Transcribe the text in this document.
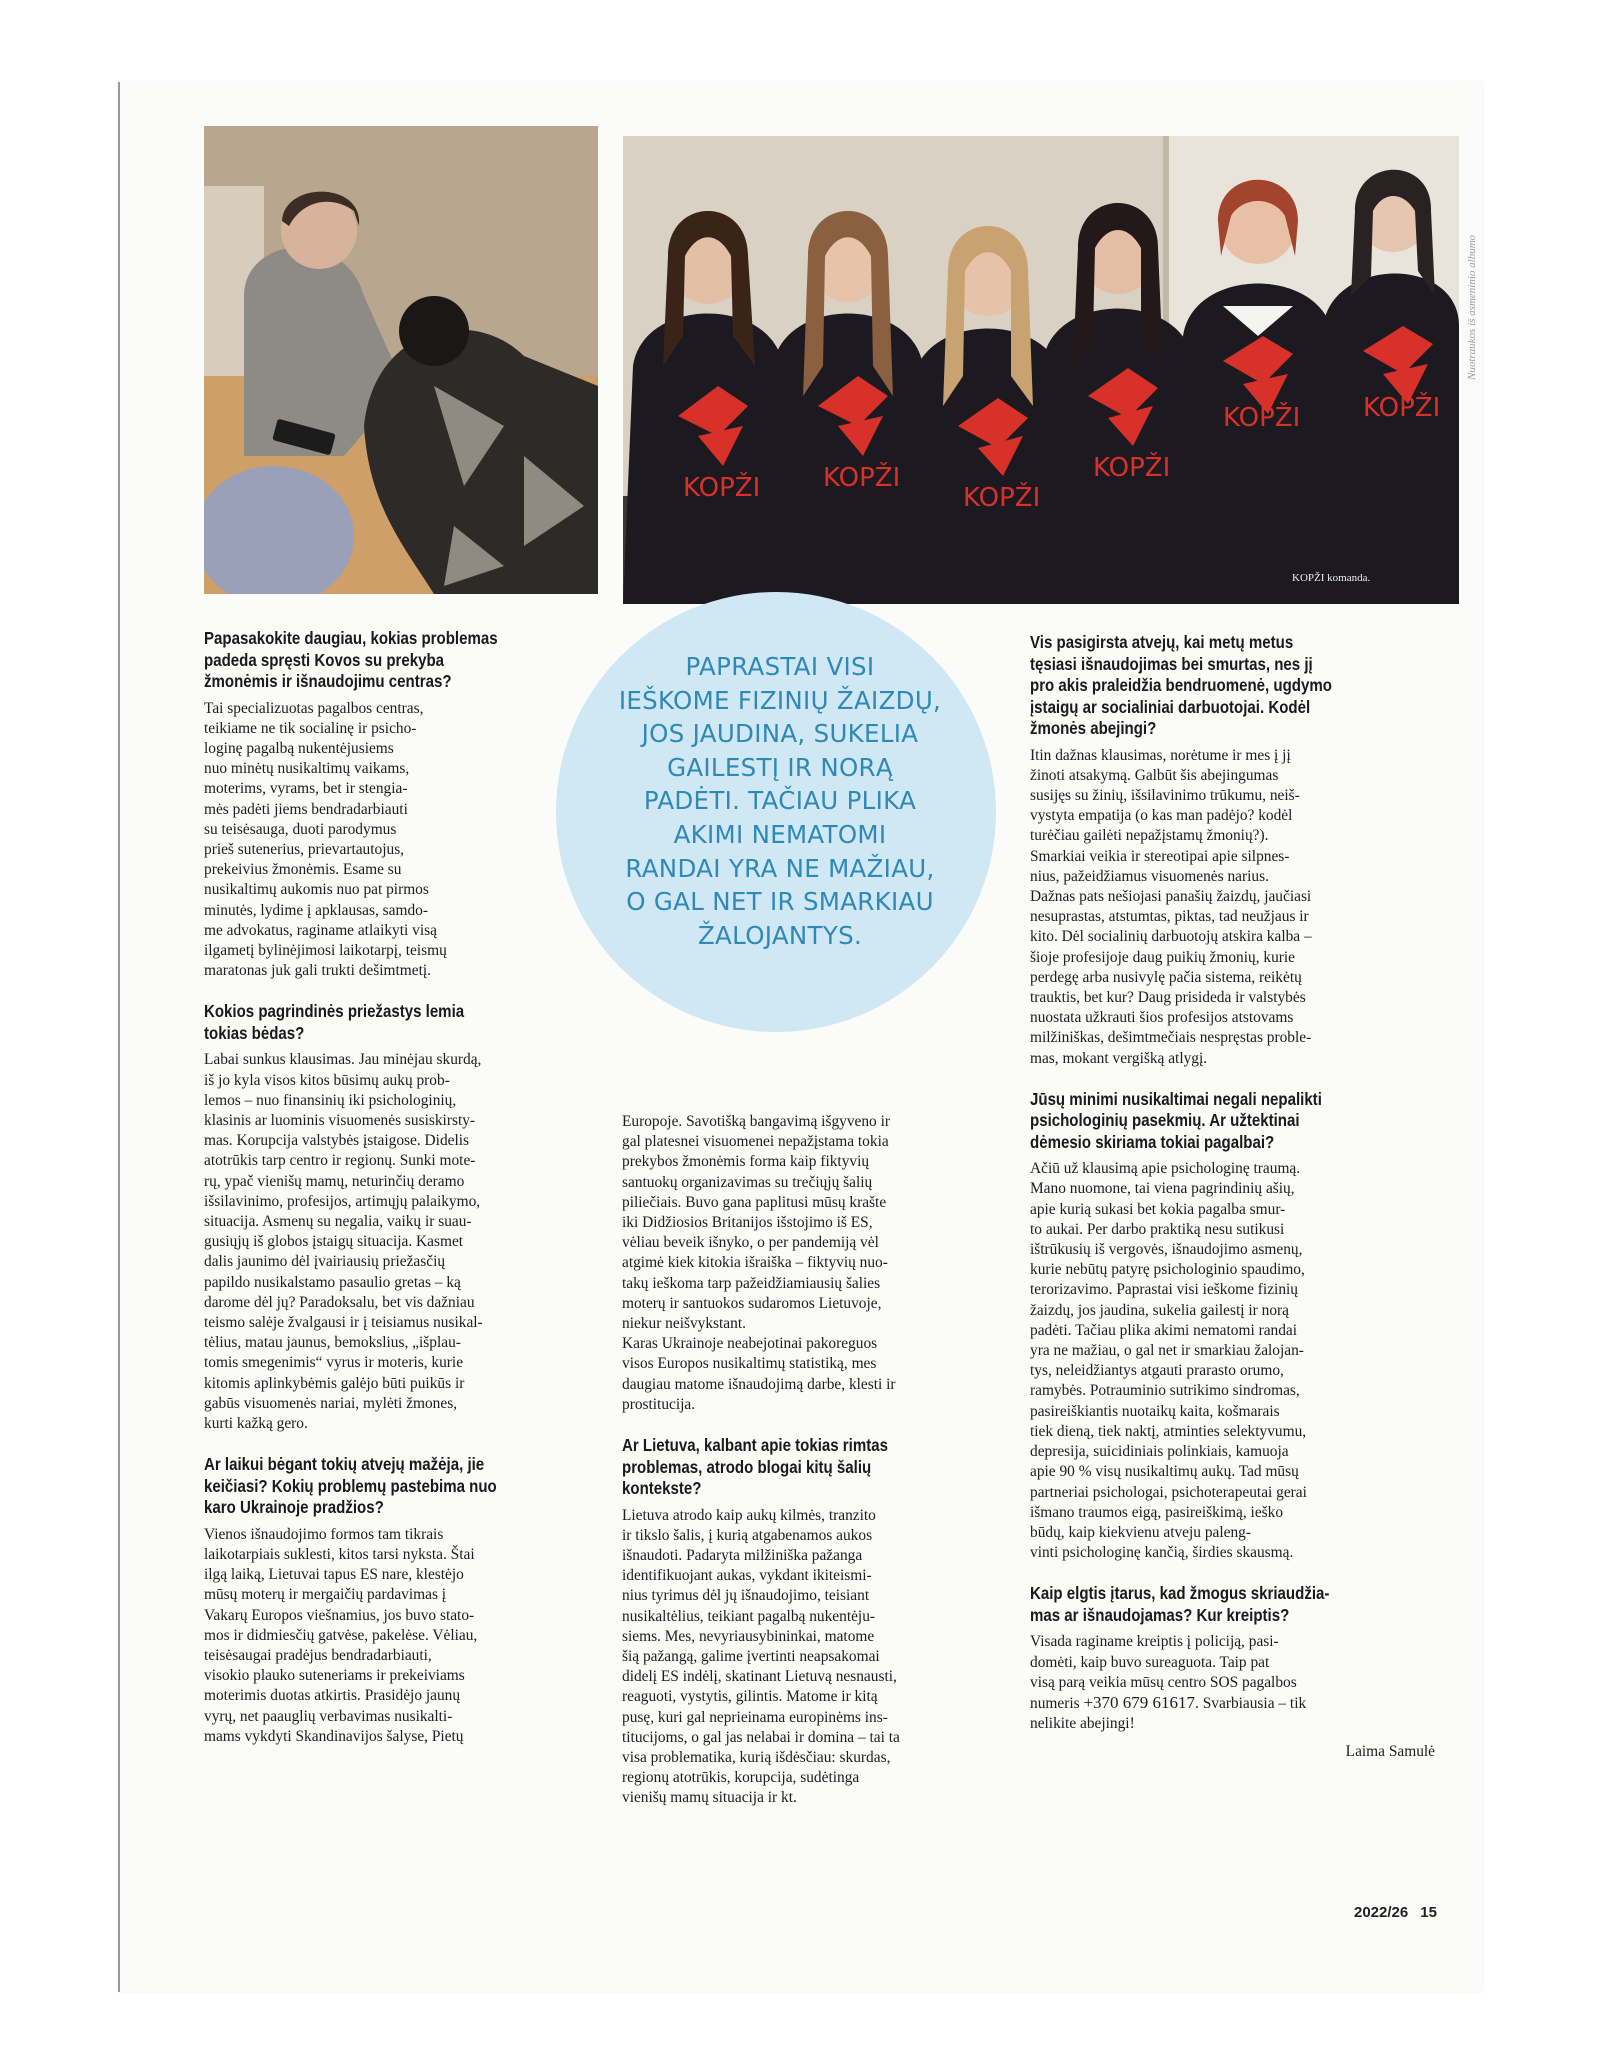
KOPŽI KOPŽI
KOPŽI
KOPŽI
KOPŽI KOPŽI
KOPŽI komanda.
Nuotraukos iš asmeninio albumo
PAPRASTAI VISI
IEŠKOME FIZINIŲ ŽAIZDŲ,
JOS JAUDINA, SUKELIA
GAILESTĮ IR NORĄ
PADĖTI. TAČIAU PLIKA
AKIMI NEMATOMI
RANDAI YRA NE MAŽIAU,
O GAL NET IR SMARKIAU
ŽALOJANTYS.
Papasakokite daugiau, kokias problemas
padeda spręsti Kovos su prekyba
žmonėmis ir išnaudojimu centras?
Tai specializuotas pagalbos centras,
teikiame ne tik socialinę ir psicho-
loginę pagalbą nukentėjusiems
nuo minėtų nusikaltimų vaikams,
moterims, vyrams, bet ir stengia-
mės padėti jiems bendradarbiauti
su teisėsauga, duoti parodymus
prieš sutenerius, prievartautojus,
prekeivius žmonėmis. Esame su
nusikaltimų aukomis nuo pat pirmos
minutės, lydime į apklausas, samdo-
me advokatus, raginame atlaikyti visą
ilgametį bylinėjimosi laikotarpį, teismų
maratonas juk gali trukti dešimtmetį.
Kokios pagrindinės priežastys lemia
tokias bėdas?
Labai sunkus klausimas. Jau minėjau skurdą,
iš jo kyla visos kitos būsimų aukų prob-
lemos – nuo finansinių iki psichologinių,
klasinis ar luominis visuomenės susiskirsty-
mas. Korupcija valstybės įstaigose. Didelis
atotrūkis tarp centro ir regionų. Sunki mote-
rų, ypač vienišų mamų, neturinčių deramo
išsilavinimo, profesijos, artimųjų palaikymo,
situacija. Asmenų su negalia, vaikų ir suau-
gusiųjų iš globos įstaigų situacija. Kasmet
dalis jaunimo dėl įvairiausių priežasčių
papildo nusikalstamo pasaulio gretas – ką
darome dėl jų? Paradoksalu, bet vis dažniau
teismo salėje žvalgausi ir į teisiamus nusikal-
tėlius, matau jaunus, bemokslius, „išplau-
tomis smegenimis“ vyrus ir moteris, kurie
kitomis aplinkybėmis galėjo būti puikūs ir
gabūs visuomenės nariai, mylėti žmones,
kurti kažką gero.
Ar laikui bėgant tokių atvejų mažėja, jie
keičiasi? Kokių problemų pastebima nuo
karo Ukrainoje pradžios?
Vienos išnaudojimo formos tam tikrais
laikotarpiais suklesti, kitos tarsi nyksta. Štai
ilgą laiką, Lietuvai tapus ES nare, klestėjo
mūsų moterų ir mergaičių pardavimas į
Vakarų Europos viešnamius, jos buvo stato-
mos ir didmiesčių gatvėse, pakelėse. Vėliau,
teisėsaugai pradėjus bendradarbiauti,
visokio plauko suteneriams ir prekeiviams
moterimis duotas atkirtis. Prasidėjo jaunų
vyrų, net paauglių verbavimas nusikalti-
mams vykdyti Skandinavijos šalyse, Pietų
Europoje. Savotišką bangavimą išgyveno ir
gal platesnei visuomenei nepažįstama tokia
prekybos žmonėmis forma kaip fiktyvių
santuokų organizavimas su trečiųjų šalių
piliečiais. Buvo gana paplitusi mūsų krašte
iki Didžiosios Britanijos išstojimo iš ES,
vėliau beveik išnyko, o per pandemiją vėl
atgimė kiek kitokia išraiška – fiktyvių nuo-
takų ieškoma tarp pažeidžiamiausių šalies
moterų ir santuokos sudaromos Lietuvoje,
niekur neišvykstant.
Karas Ukrainoje neabejotinai pakoreguos
visos Europos nusikaltimų statistiką, mes
daugiau matome išnaudojimą darbe, klesti ir
prostitucija.
Ar Lietuva, kalbant apie tokias rimtas
problemas, atrodo blogai kitų šalių
kontekste?
Lietuva atrodo kaip aukų kilmės, tranzito
ir tikslo šalis, į kurią atgabenamos aukos
išnaudoti. Padaryta milžiniška pažanga
identifikuojant aukas, vykdant ikiteismi-
nius tyrimus dėl jų išnaudojimo, teisiant
nusikaltėlius, teikiant pagalbą nukentėju-
siems. Mes, nevyriausybininkai, matome
šią pažangą, galime įvertinti neapsakomai
didelį ES indėlį, skatinant Lietuvą nesnausti,
reaguoti, vystytis, gilintis. Matome ir kitą
pusę, kuri gal neprieinama europinėms ins-
titucijoms, o gal jas nelabai ir domina – tai ta
visa problematika, kurią išdėsčiau: skurdas,
regionų atotrūkis, korupcija, sudėtinga
vienišų mamų situacija ir kt.
Vis pasigirsta atvejų, kai metų metus
tęsiasi išnaudojimas bei smurtas, nes jį
pro akis praleidžia bendruomenė, ugdymo
įstaigų ar socialiniai darbuotojai. Kodėl
žmonės abejingi?
Itin dažnas klausimas, norėtume ir mes į jį
žinoti atsakymą. Galbūt šis abejingumas
susijęs su žinių, išsilavinimo trūkumu, neiš-
vystyta empatija (o kas man padėjo? kodėl
turėčiau gailėti nepažįstamų žmonių?).
Smarkiai veikia ir stereotipai apie silpnes-
nius, pažeidžiamus visuomenės narius.
Dažnas pats nešiojasi panašių žaizdų, jaučiasi
nesuprastas, atstumtas, piktas, tad neužjaus ir
kito. Dėl socialinių darbuotojų atskira kalba –
šioje profesijoje daug puikių žmonių, kurie
perdegę arba nusivylę pačia sistema, reikėtų
trauktis, bet kur? Daug prisideda ir valstybės
nuostata užkrauti šios profesijos atstovams
milžiniškas, dešimtmečiais nespręstas proble-
mas, mokant vergišką atlygį.
Jūsų minimi nusikaltimai negali nepalikti
psichologinių pasekmių. Ar užtektinai
dėmesio skiriama tokiai pagalbai?
Ačiū už klausimą apie psichologinę traumą.
Mano nuomone, tai viena pagrindinių ašių,
apie kurią sukasi bet kokia pagalba smur-
to aukai. Per darbo praktiką nesu sutikusi
ištrūkusių iš vergovės, išnaudojimo asmenų,
kurie nebūtų patyrę psichologinio spaudimo,
terorizavimo. Paprastai visi ieškome fizinių
žaizdų, jos jaudina, sukelia gailestį ir norą
padėti. Tačiau plika akimi nematomi randai
yra ne mažiau, o gal net ir smarkiau žalojan-
tys, neleidžiantys atgauti prarasto orumo,
ramybės. Potrauminio sutrikimo sindromas,
pasireiškiantis nuotaikų kaita, košmarais
tiek dieną, tiek naktį, atminties selektyvumu,
depresija, suicidiniais polinkiais, kamuoja
apie 90 % visų nusikaltimų aukų. Tad mūsų
partneriai psichologai, psichoterapeutai gerai
išmano traumos eigą, pasireiškimą, ieško
būdų, kaip kiekvienu atveju paleng-
vinti psichologinę kančią, širdies skausmą.
Kaip elgtis įtarus, kad žmogus skriaudžia-
mas ar išnaudojamas? Kur kreiptis?
Visada raginame kreiptis į policiją, pasi-
domėti, kaip buvo sureaguota. Taip pat
visą parą veikia mūsų centro SOS pagalbos
numeris +370 679 61617. Svarbiausia – tik
nelikite abejingi!
Laima Samulė
2022/26 15
